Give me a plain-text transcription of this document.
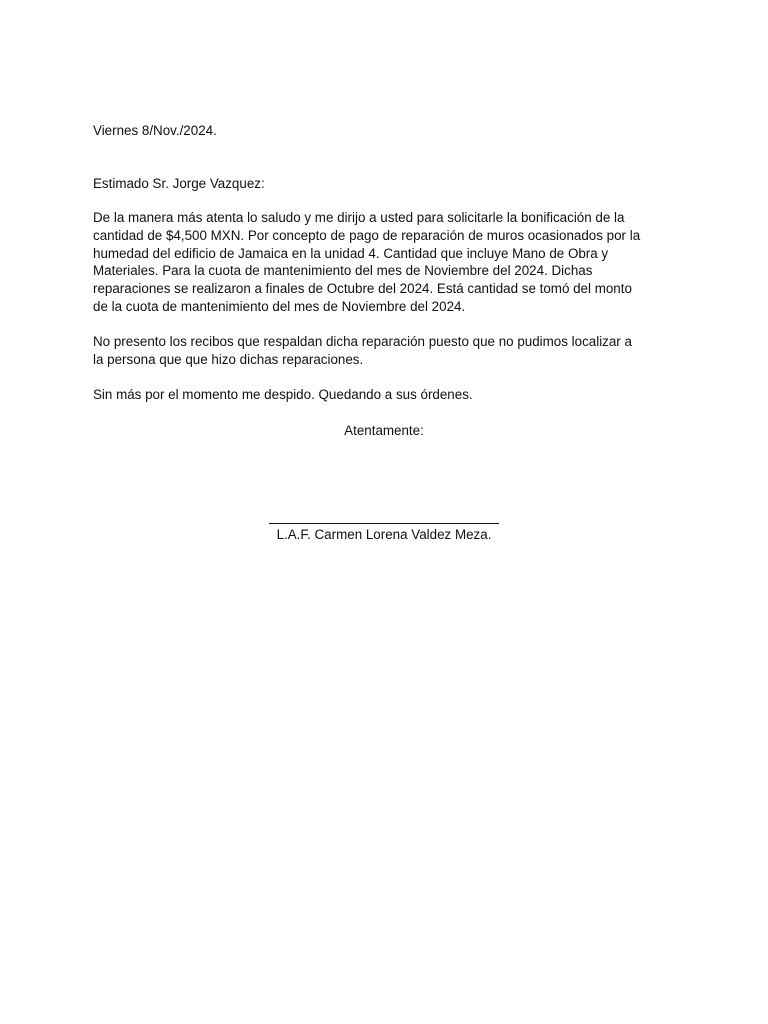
Viernes 8/Nov./2024.

Estimado Sr. Jorge Vazquez:

De la manera más atenta lo saludo y me dirijo a usted para solicitarle la bonificación de la
cantidad de $4,500 MXN. Por concepto de pago de reparación de muros ocasionados por la
humedad del edificio de Jamaica en la unidad 4. Cantidad que incluye Mano de Obra y
Materiales. Para la cuota de mantenimiento del mes de Noviembre del 2024. Dichas
reparaciones se realizaron a finales de Octubre del 2024. Está cantidad se tomó del monto
de la cuota de mantenimiento del mes de Noviembre del 2024.

No presento los recibos que respaldan dicha reparación puesto que no pudimos localizar a
la persona que que hizo dichas reparaciones.

Sin más por el momento me despido. Quedando a sus órdenes.

Atentamente:

L.A.F. Carmen Lorena Valdez Meza.
